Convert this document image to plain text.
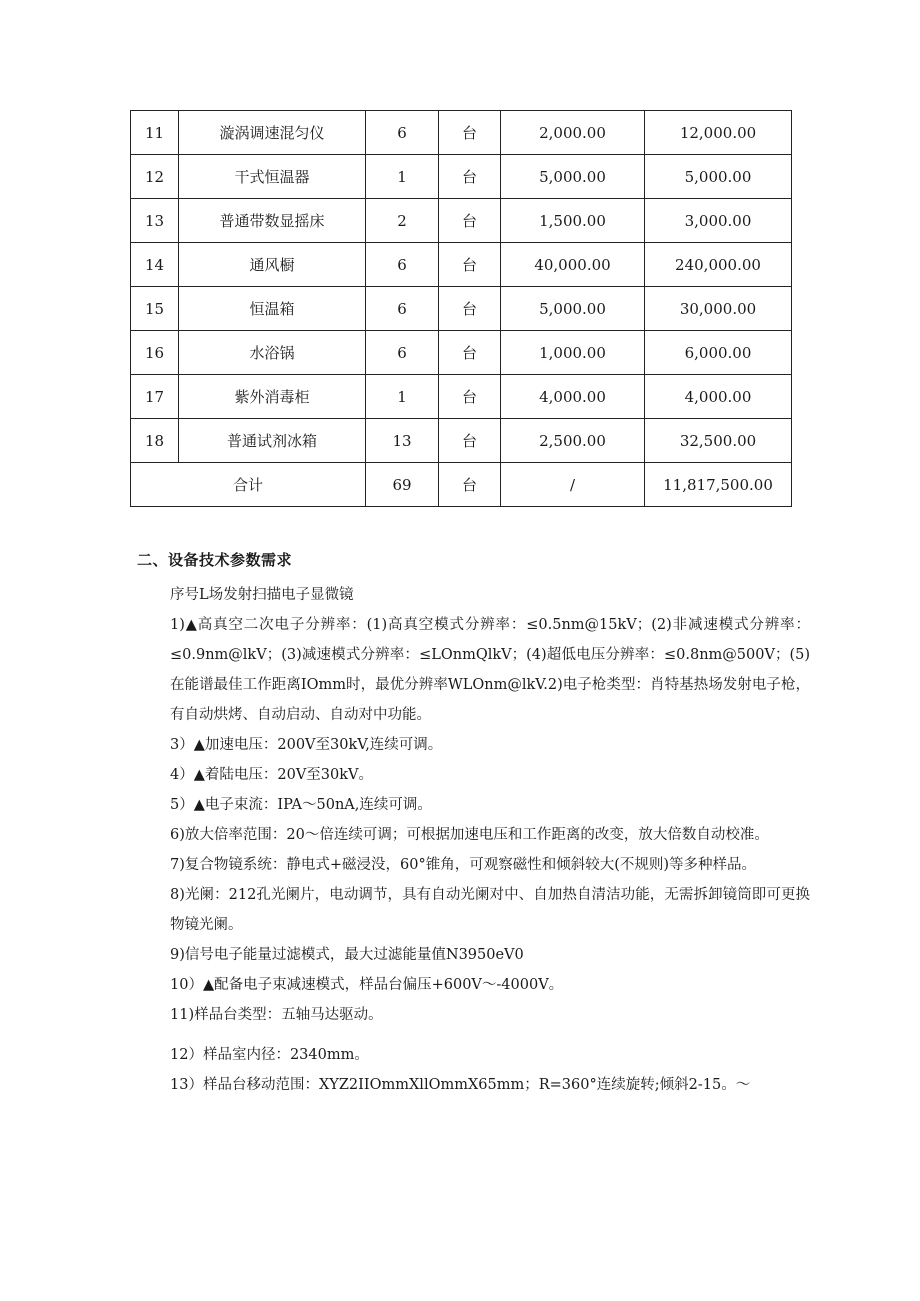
11	漩涡调速混匀仪	6	台	2,000.00	12,000.00
12	干式恒温器	1	台	5,000.00	5,000.00
13	普通带数显摇床	2	台	1,500.00	3,000.00
14	通风橱	6	台	40,000.00	240,000.00
15	恒温箱	6	台	5,000.00	30,000.00
16	水浴锅	6	台	1,000.00	6,000.00
17	紫外消毒柜	1	台	4,000.00	4,000.00
18	普通试剂冰箱	13	台	2,500.00	32,500.00
合计		69	台	/	11,817,500.00
二、设备技术参数需求

序号L场发射扫描电子显微镜

1)▲高真空二次电子分辨率：(1)高真空模式分辨率：≤0.5nm@15kV；(2)非减速模式分辨率：≤0.9nm@lkV；(3)减速模式分辨率：≤LOnmQlkV；(4)超低电压分辨率：≤0.8nm@500V；(5)在能谱最佳工作距离IOmm时，最优分辨率WLOnm@lkV.2)电子枪类型：肖特基热场发射电子枪，有自动烘烤、自动启动、自动对中功能。

3）▲加速电压：200V至30kV,连续可调。

4）▲着陆电压：20V至30kV。

5）▲电子束流：IPA～50nA,连续可调。

6)放大倍率范围：20～倍连续可调；可根据加速电压和工作距离的改变，放大倍数自动校准。

7)复合物镜系统：静电式+磁浸没，60°锥角，可观察磁性和倾斜较大(不规则)等多种样品。

8)光阑：212孔光阑片，电动调节，具有自动光阑对中、自加热自清洁功能，无需拆卸镜筒即可更换物镜光阑。

9)信号电子能量过滤模式，最大过滤能量值N3950eV0

10）▲配备电子束减速模式，样品台偏压+600V～-4000V。

11)样品台类型：五轴马达驱动。

12）样品室内径：2340mm。

13）样品台移动范围：XYZ2IIOmmXllOmmX65mm；R=360°连续旋转;倾斜2-15。～
